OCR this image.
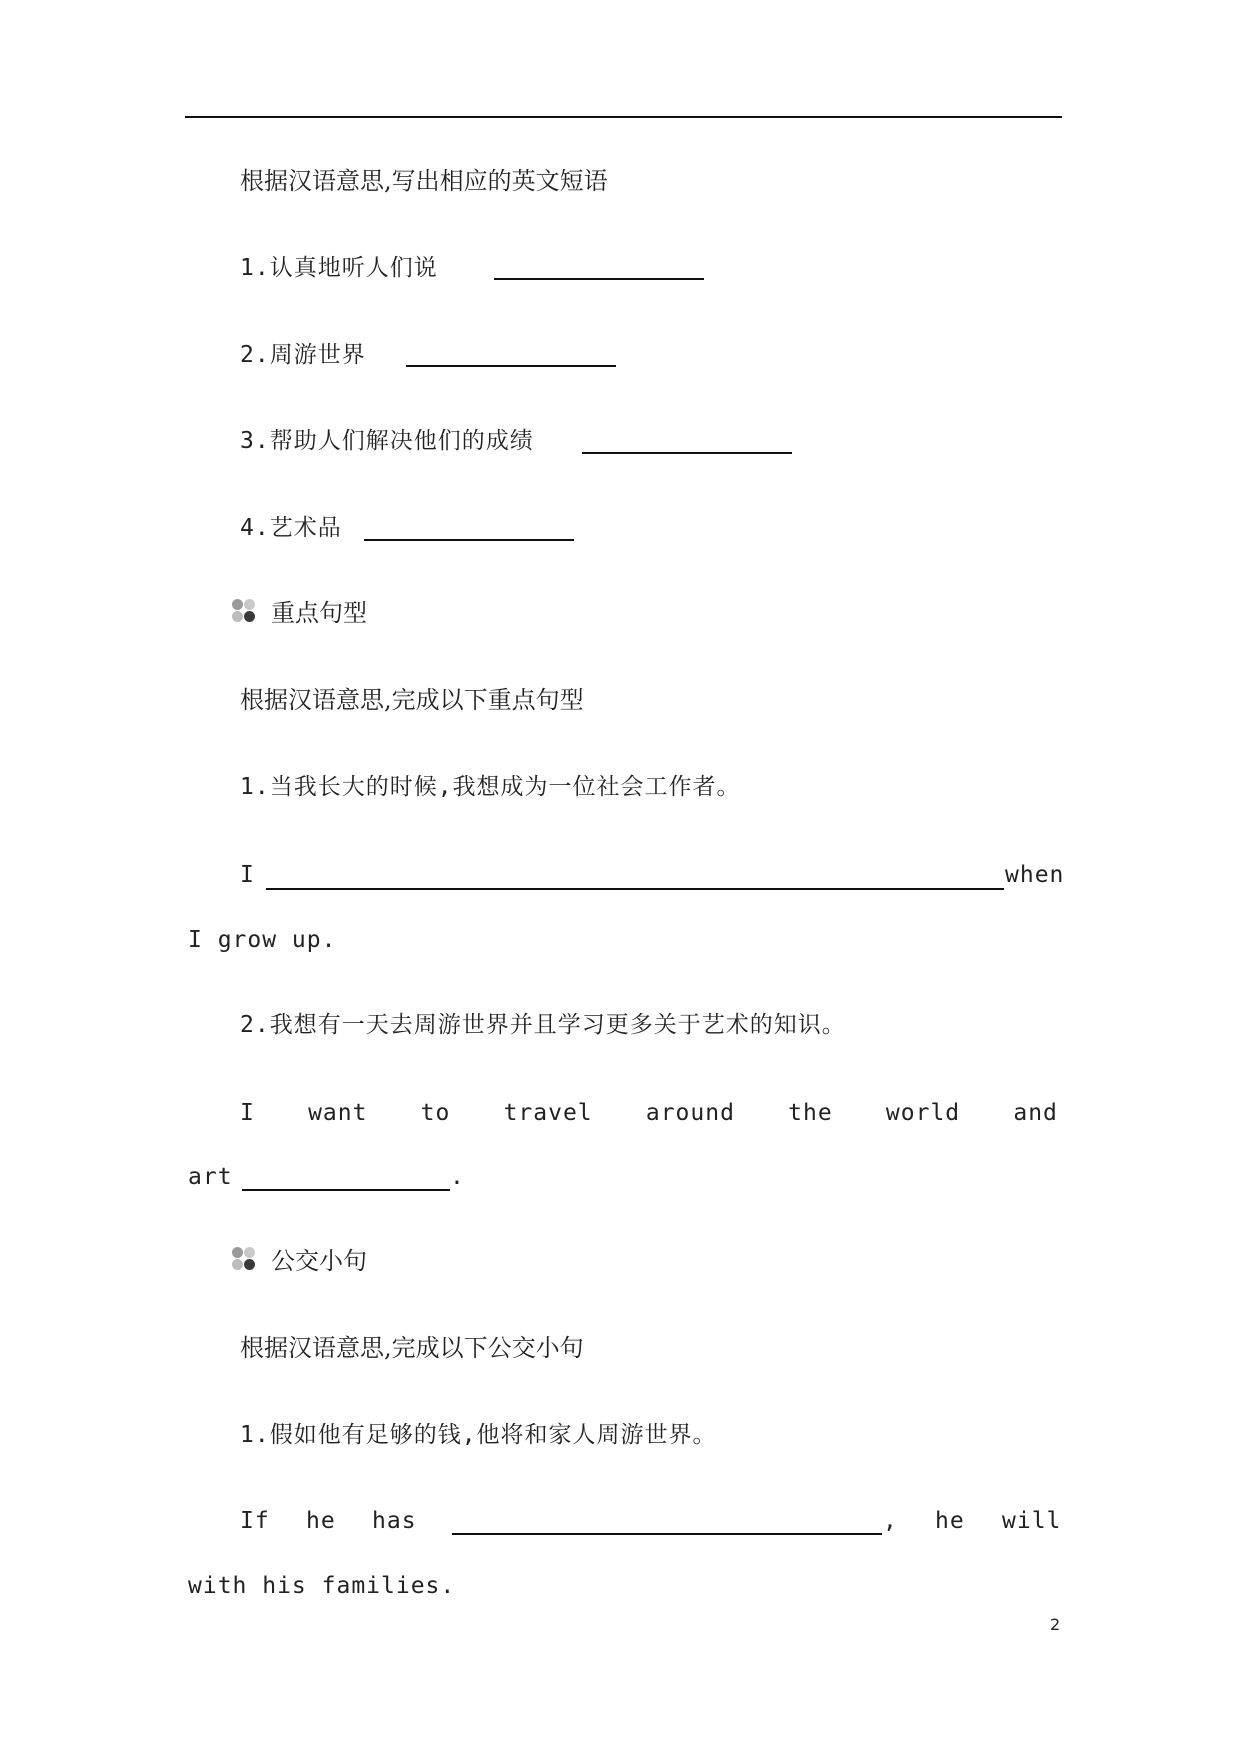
根据汉语意思,写出相应的英文短语
1.认真地听人们说
2.周游世界
3.帮助人们解决他们的成绩
4.艺术品
重点句型
根据汉语意思,完成以下重点句型
1.当我长大的时候,我想成为一位社会工作者。
I	when
I grow up.
2.我想有一天去周游世界并且学习更多关于艺术的知识。
I want to travel around the world and
art	.
公交小句
根据汉语意思,完成以下公交小句
1.假如他有足够的钱,他将和家人周游世界。
If he has	, he will
with his families.
2
